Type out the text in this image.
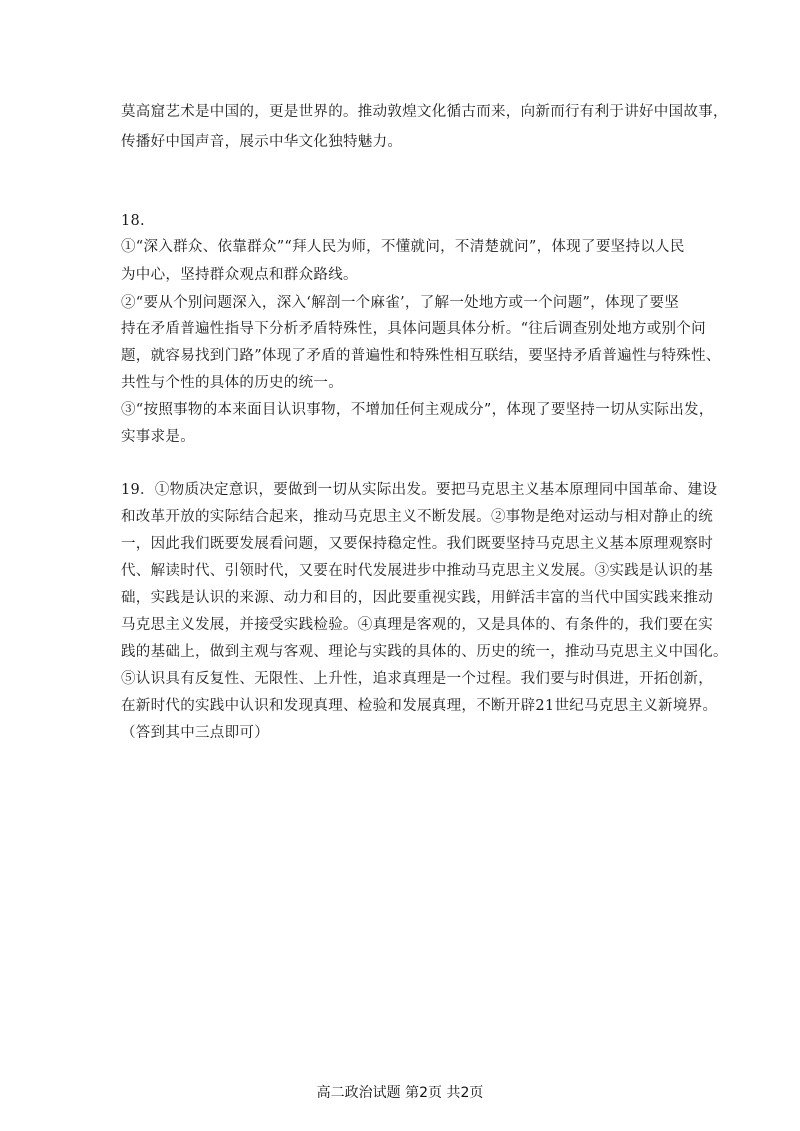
莫高窟艺术是中国的，更是世界的。推动敦煌文化循古而来，向新而行有利于讲好中国故事，
传播好中国声音，展示中华文化独特魅力。
18.
①“深入群众、依靠群众”“拜人民为师，不懂就问，不清楚就问”，体现了要坚持以人民
为中心，坚持群众观点和群众路线。
②“要从个别问题深入，深入‘解剖一个麻雀’，了解一处地方或一个问题”，体现了要坚
持在矛盾普遍性指导下分析矛盾特殊性，具体问题具体分析。“往后调查别处地方或别个问
题，就容易找到门路”体现了矛盾的普遍性和特殊性相互联结，要坚持矛盾普遍性与特殊性、
共性与个性的具体的历史的统一。
③“按照事物的本来面目认识事物，不增加任何主观成分”，体现了要坚持一切从实际出发，
实事求是。
19．①物质决定意识，要做到一切从实际出发。要把马克思主义基本原理同中国革命、建设
和改革开放的实际结合起来，推动马克思主义不断发展。②事物是绝对运动与相对静止的统
一，因此我们既要发展看问题，又要保持稳定性。我们既要坚持马克思主义基本原理观察时
代、解读时代、引领时代，又要在时代发展进步中推动马克思主义发展。③实践是认识的基
础，实践是认识的来源、动力和目的，因此要重视实践，用鲜活丰富的当代中国实践来推动
马克思主义发展，并接受实践检验。④真理是客观的，又是具体的、有条件的，我们要在实
践的基础上，做到主观与客观、理论与实践的具体的、历史的统一，推动马克思主义中国化。
⑤认识具有反复性、无限性、上升性，追求真理是一个过程。我们要与时俱进，开拓创新，
在新时代的实践中认识和发现真理、检验和发展真理，不断开辟21世纪马克思主义新境界。
（答到其中三点即可）
高二政治试题 第2页 共2页
